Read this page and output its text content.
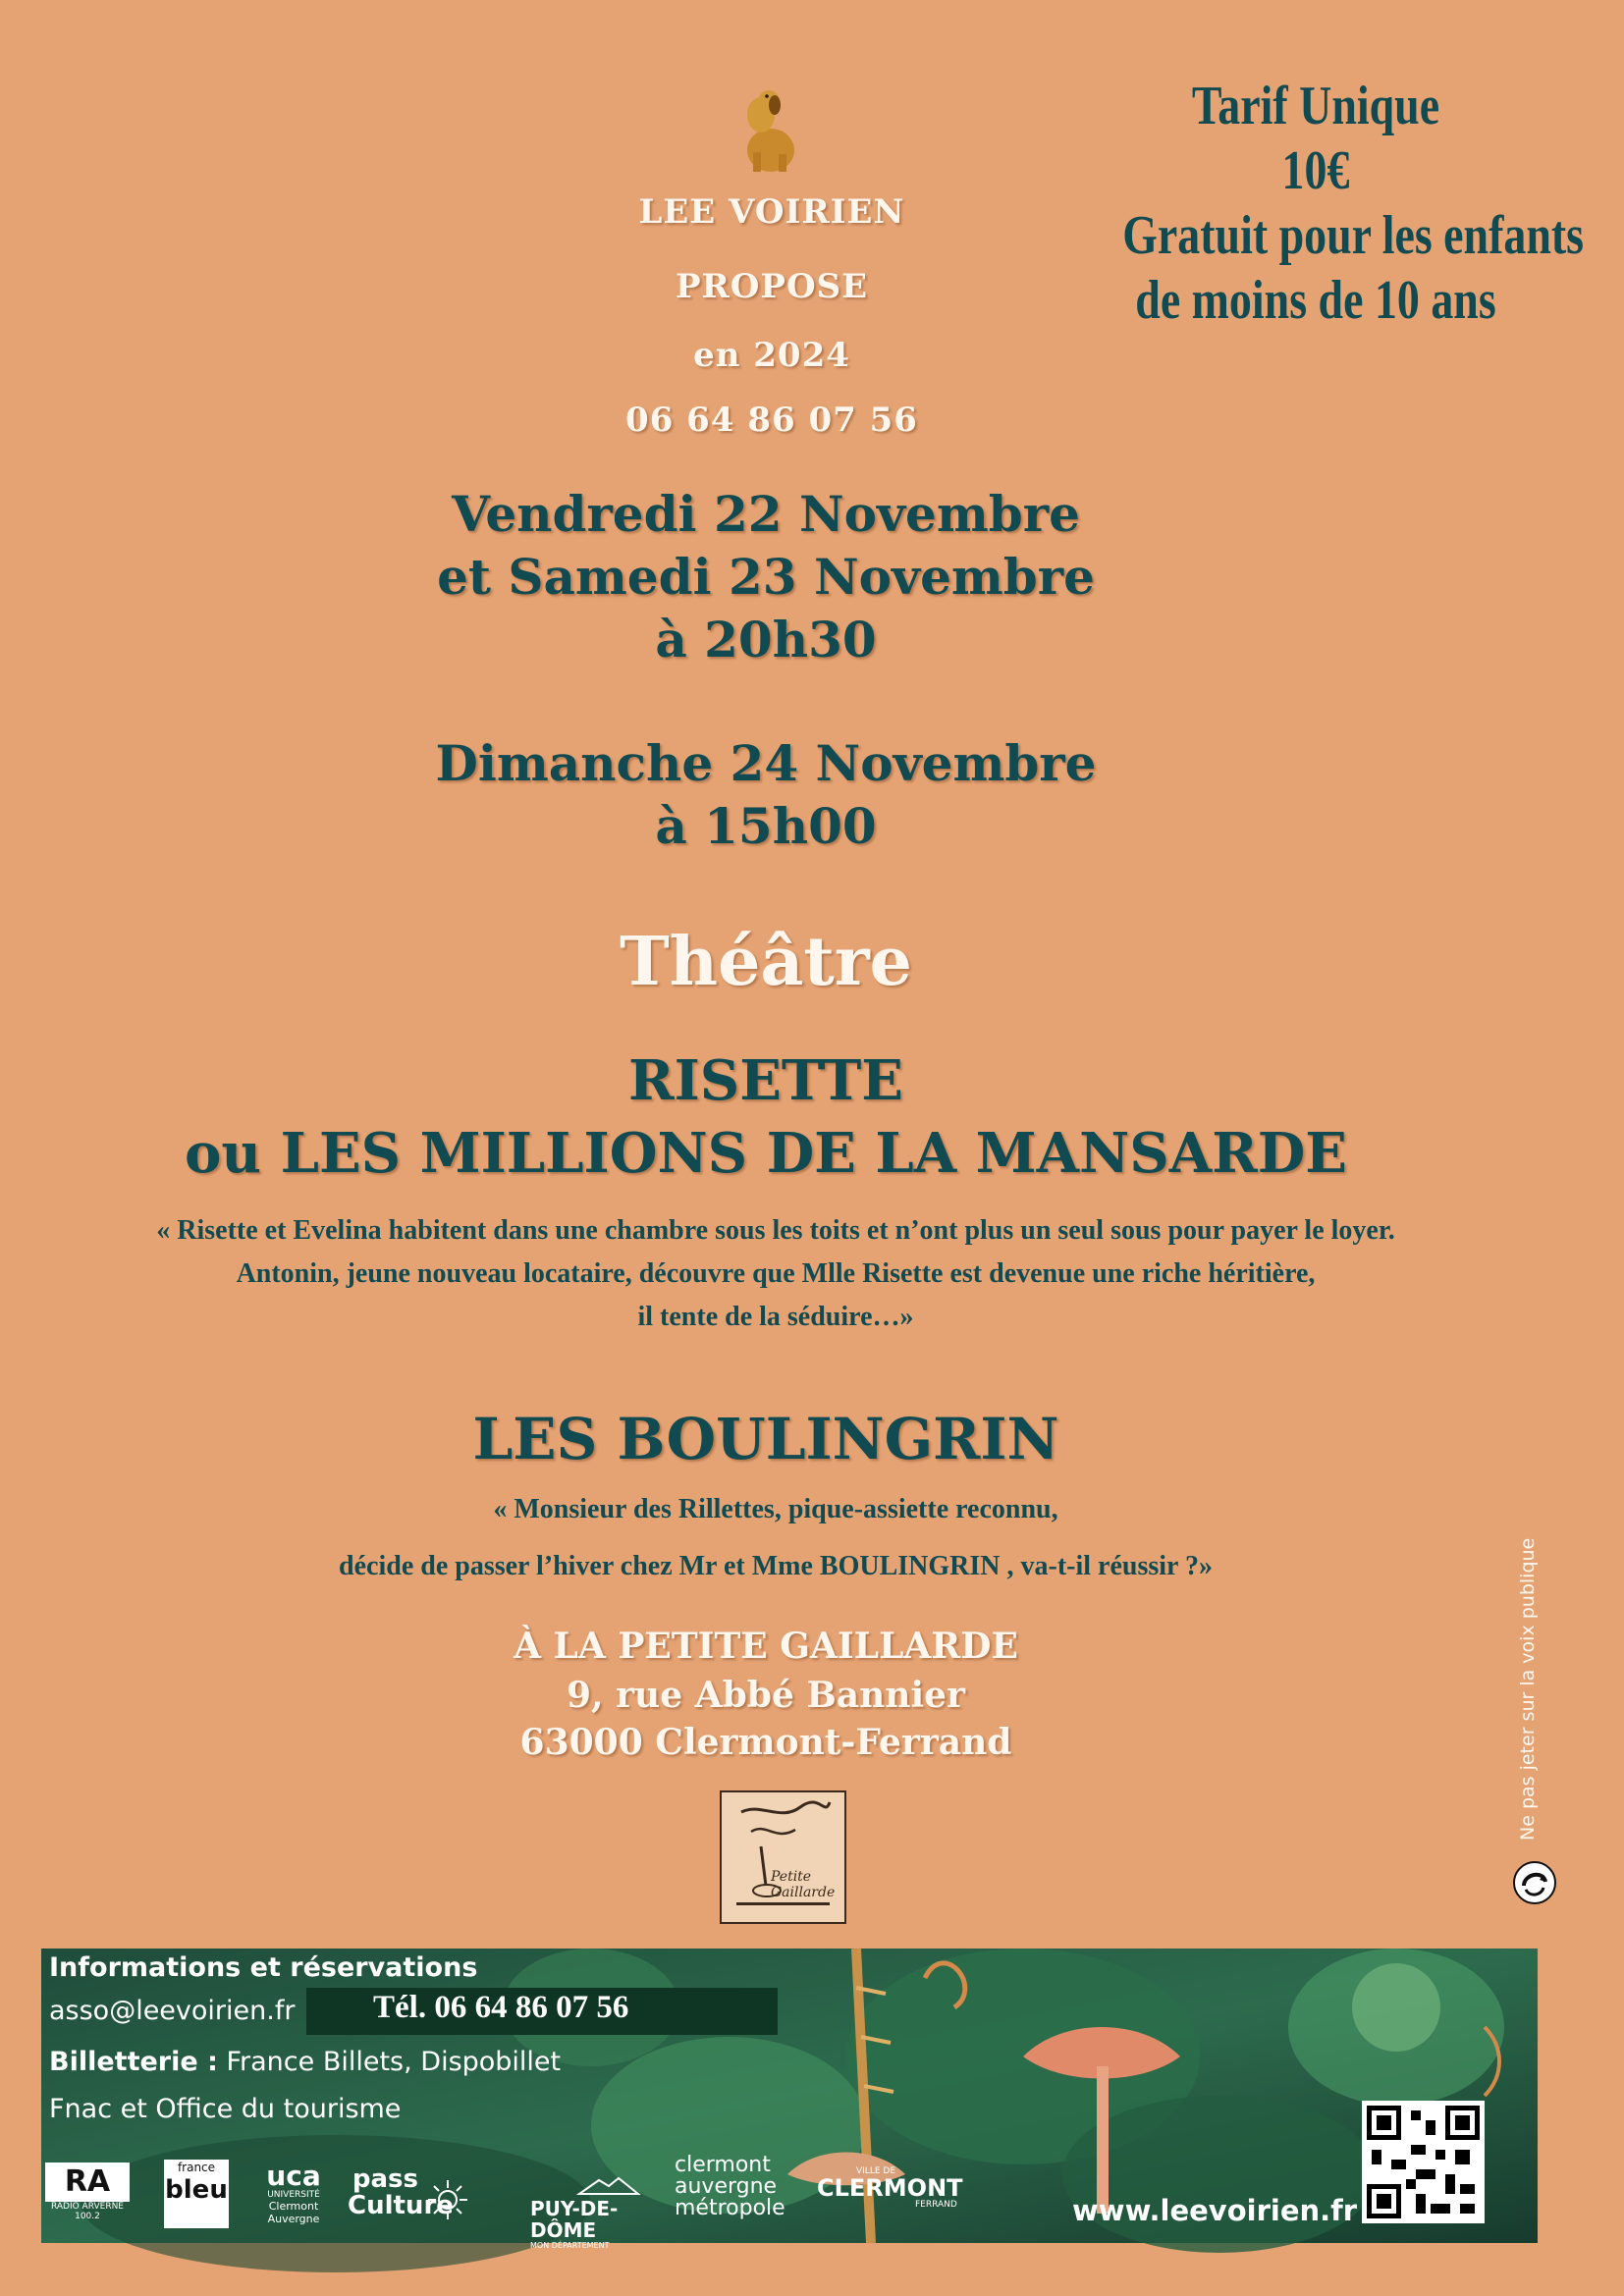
LEE VOIRIEN
PROPOSE
en 2024
06 64 86 07 56
Tarif Unique
10€
Gratuit pour les enfants
de moins de 10 ans
Vendredi 22 Novembre
et Samedi 23 Novembre
à 20h30
Dimanche 24 Novembre
à 15h00
Théâtre
RISETTE
ou LES MILLIONS DE LA MANSARDE
« Risette et Evelina habitent dans une chambre sous les toits et n’ont plus un seul sous pour payer le loyer.
Antonin, jeune nouveau locataire, découvre que Mlle Risette est devenue une riche héritière,
il tente de la séduire…»
LES BOULINGRIN
« Monsieur des Rillettes, pique-assiette reconnu,
décide de passer l’hiver chez Mr et Mme BOULINGRIN , va-t-il réussir ?»
À LA PETITE GAILLARDE
9, rue Abbé Bannier
63000 Clermont-Ferrand
Petite Gaillarde
Ne pas jeter sur la voix publique
Informations et réservations
asso@leevoirien.fr Tél. 06 64 86 07 56
Billetterie : France Billets, Dispobillet
Fnac et Office du tourisme
RA
RADIO ARVERNE
100.2
france
bleu uca
UNIVERSITÉ
Clermont
Auvergne
pass
Culture	PUY-DE-DÔME
MON DÉPARTEMENT
clermont
auvergne
métropole
VILLE DE
CLERMONT
FERRAND	www.leevoirien.fr
